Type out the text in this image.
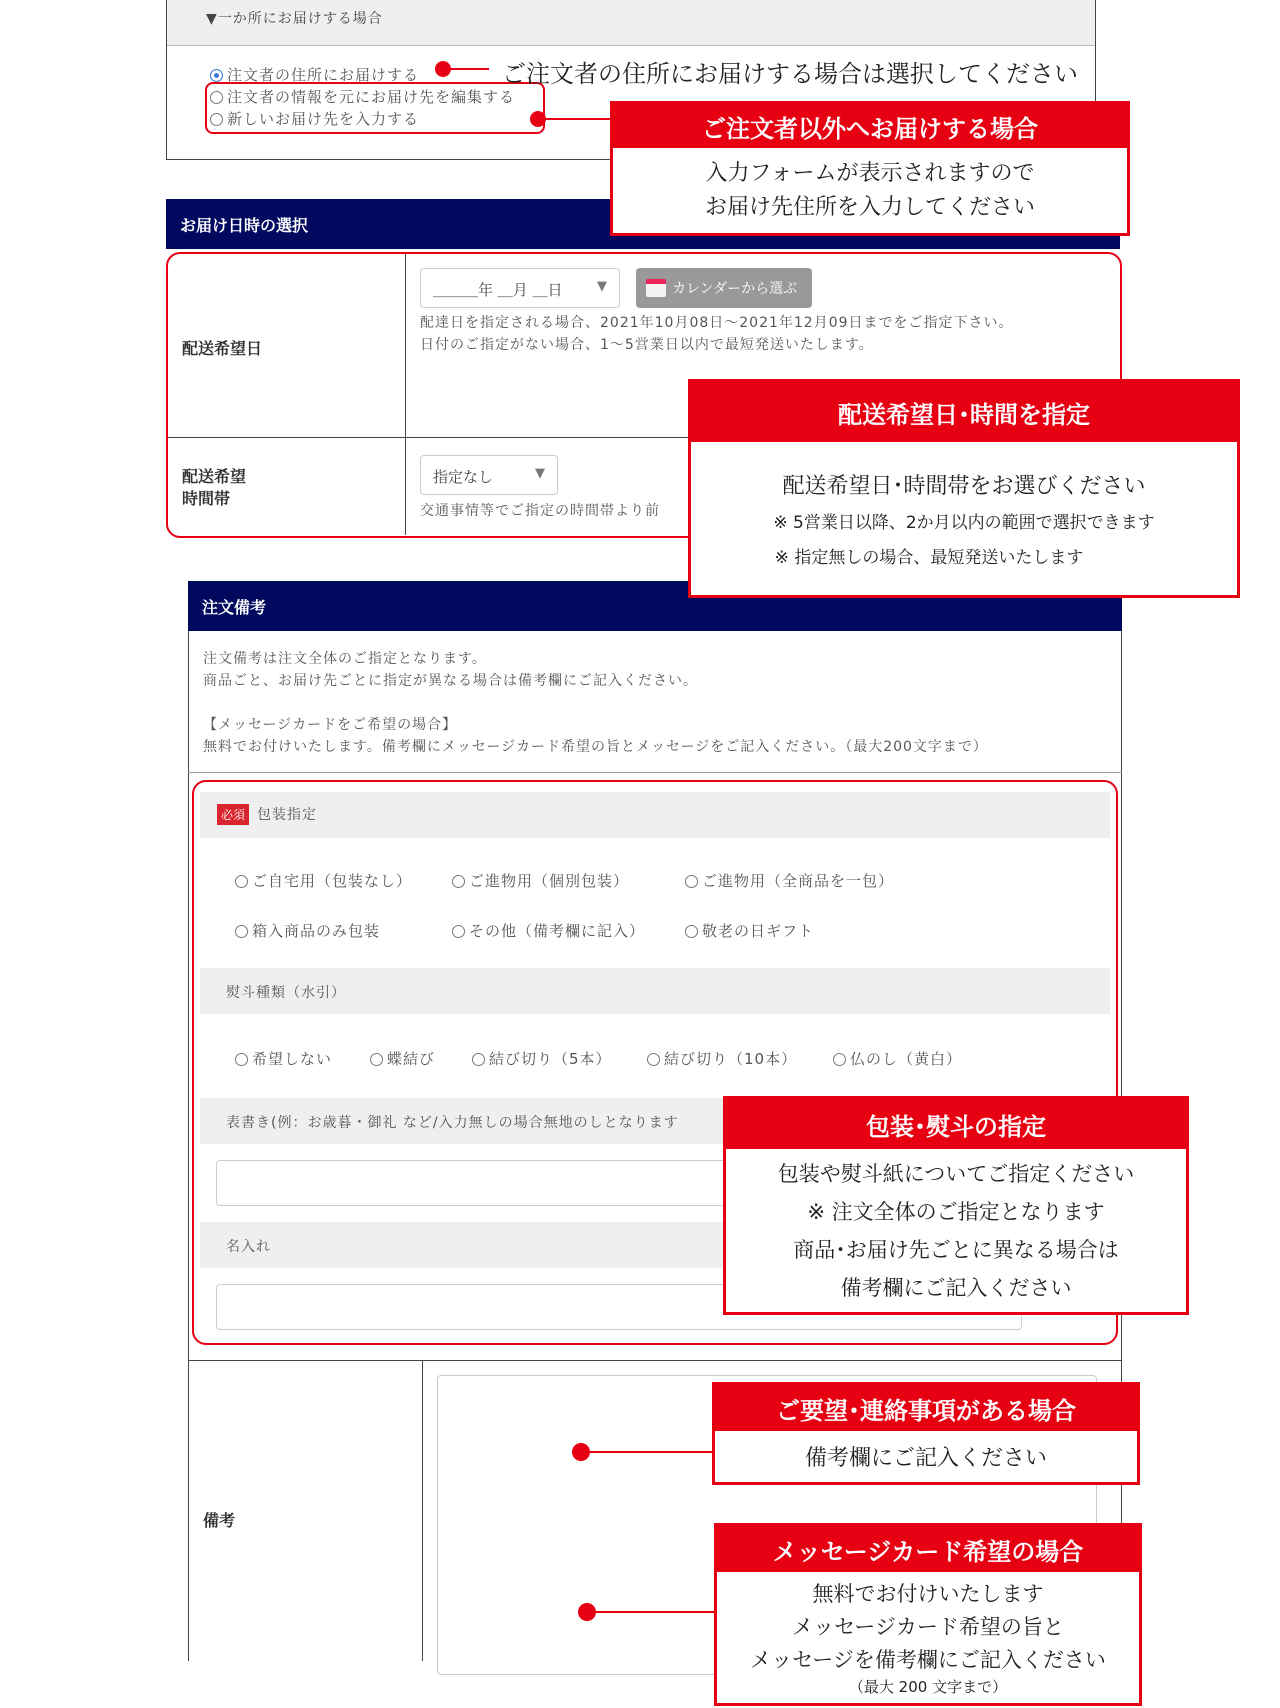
▼一か所にお届けする場合
注文者の住所にお届けする
注文者の情報を元にお届け先を編集する
新しいお届け先を入力する
ご注文者の住所にお届けする場合は選択してください
お届け日時の選択
配送希望日
＿＿＿年 ＿月 ＿日	▼	カレンダーから選ぶ
配達日を指定される場合、2021年10月08日～2021年12月09日までをご指定下さい。
日付のご指定がない場合、1～5営業日以内で最短発送いたします。
配送希望
時間帯
指定なし	▼
交通事情等でご指定の時間帯より前
注文備考
注文備考は注文全体のご指定となります。
商品ごと、お届け先ごとに指定が異なる場合は備考欄にご記入ください。
【メッセージカードをご希望の場合】
無料でお付けいたします。備考欄にメッセージカード希望の旨とメッセージをご記入ください。（最大200文字まで）
必須 包装指定
ご自宅用（包装なし）	ご進物用（個別包装）	ご進物用（全商品を一包）
箱入商品のみ包装	その他（備考欄に記入）	敬老の日ギフト
熨斗種類（水引）
希望しない	蝶結び	結び切り（5本）	結び切り（10本）	仏のし（黄白）
表書き(例：お歳暮・御礼 など/入力無しの場合無地のしとなります
名入れ
備考
ご注文者以外へお届けする場合
入力フォームが表示されますので
お届け先住所を入力してください
配送希望日･時間を指定
配送希望日･時間帯をお選びください
※ 5営業日以降、2か月以内の範囲で選択できます
※ 指定無しの場合、最短発送いたします
包装･熨斗の指定
包装や熨斗紙についてご指定ください
※ 注文全体のご指定となります
商品･お届け先ごとに異なる場合は
備考欄にご記入ください
ご要望･連絡事項がある場合
備考欄にご記入ください
メッセージカード希望の場合
無料でお付けいたします
メッセージカード希望の旨と
メッセージを備考欄にご記入ください
（最大 200 文字まで）
